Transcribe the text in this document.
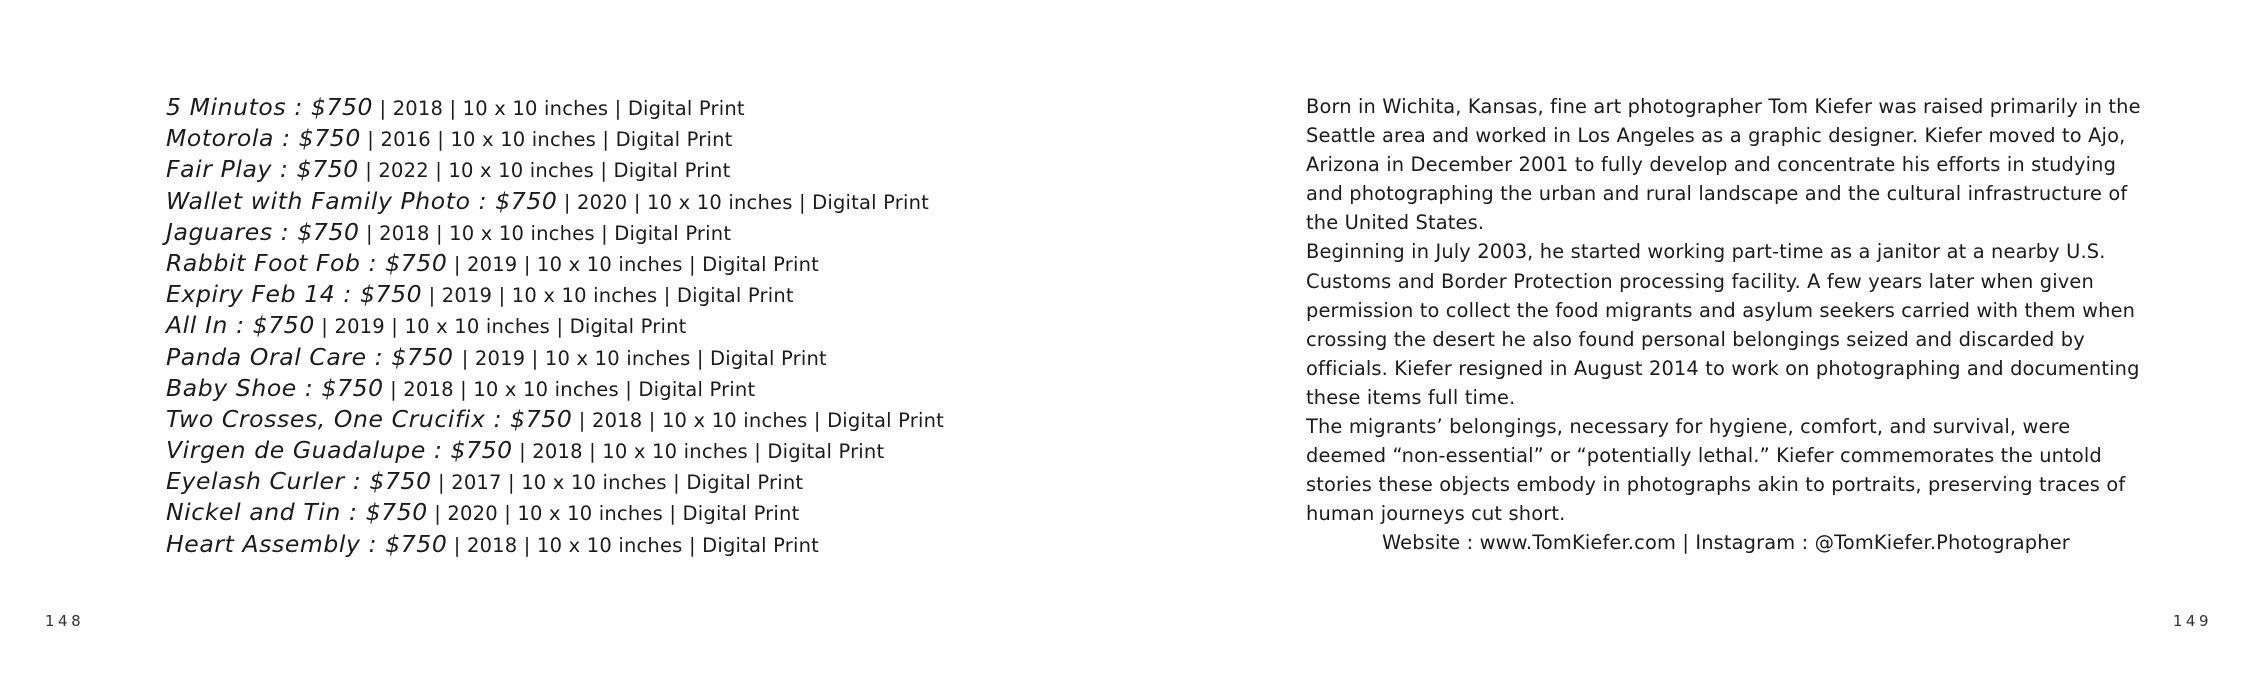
5 Minutos : $750 | 2018 | 10 x 10 inches | Digital Print
Motorola : $750 | 2016 | 10 x 10 inches | Digital Print
Fair Play : $750 | 2022 | 10 x 10 inches | Digital Print
Wallet with Family Photo : $750 | 2020 | 10 x 10 inches | Digital Print
Jaguares : $750 | 2018 | 10 x 10 inches | Digital Print
Rabbit Foot Fob : $750 | 2019 | 10 x 10 inches | Digital Print
Expiry Feb 14 : $750 | 2019 | 10 x 10 inches | Digital Print
All In : $750 | 2019 | 10 x 10 inches | Digital Print
Panda Oral Care : $750 | 2019 | 10 x 10 inches | Digital Print
Baby Shoe : $750 | 2018 | 10 x 10 inches | Digital Print
Two Crosses, One Crucifix : $750 | 2018 | 10 x 10 inches | Digital Print
Virgen de Guadalupe : $750 | 2018 | 10 x 10 inches | Digital Print
Eyelash Curler : $750 | 2017 | 10 x 10 inches | Digital Print
Nickel and Tin : $750 | 2020 | 10 x 10 inches | Digital Print
Heart Assembly : $750 | 2018 | 10 x 10 inches | Digital Print
148

Born in Wichita, Kansas, fine art photographer Tom Kiefer was raised primarily in the Seattle area and worked in Los Angeles as a graphic designer. Kiefer moved to Ajo, Arizona in December 2001 to fully develop and concentrate his efforts in studying and photographing the urban and rural landscape and the cultural infrastructure of the United States.

Beginning in July 2003, he started working part-time as a janitor at a nearby U.S. Customs and Border Protection processing facility. A few years later when given permission to collect the food migrants and asylum seekers carried with them when crossing the desert he also found personal belongings seized and discarded by officials. Kiefer resigned in August 2014 to work on photographing and documenting these items full time.

The migrants’ belongings, necessary for hygiene, comfort, and survival, were deemed “non-essential” or “potentially lethal.” Kiefer commemorates the untold stories these objects embody in photographs akin to portraits, preserving traces of human journeys cut short.

Website : www.TomKiefer.com | Instagram : @TomKiefer.Photographer

149
